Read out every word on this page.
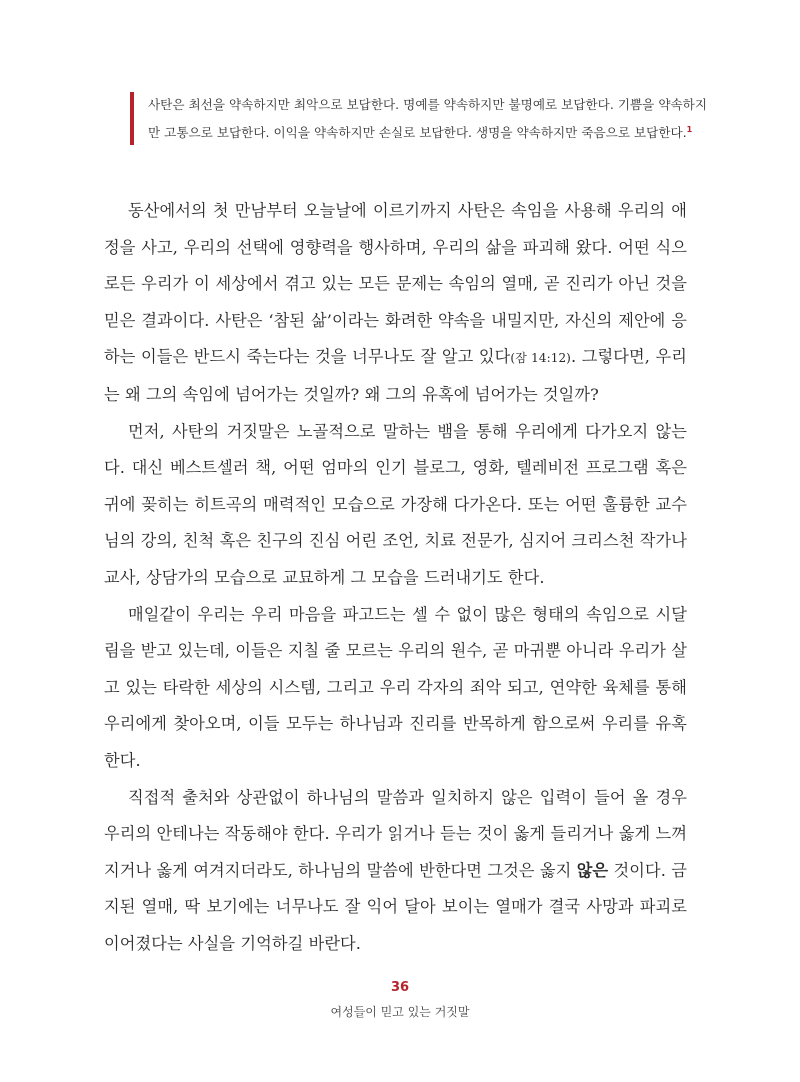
사탄은 최선을 약속하지만 최악으로 보답한다. 명예를 약속하지만 불명예로 보답한다. 기쁨을 약속하지만 고통으로 보답한다. 이익을 약속하지만 손실로 보답한다. 생명을 약속하지만 죽음으로 보답한다.$^1$

동산에서의 첫 만남부터 오늘날에 이르기까지 사탄은 속임을 사용해 우리의 애정을 사고, 우리의 선택에 영향력을 행사하며, 우리의 삶을 파괴해 왔다. 어떤 식으로든 우리가 이 세상에서 겪고 있는 모든 문제는 속임의 열매, 곧 진리가 아닌 것을 믿은 결과이다. 사탄은 ‘참된 삶’이라는 화려한 약속을 내밀지만, 자신의 제안에 응하는 이들은 반드시 죽는다는 것을 너무나도 잘 알고 있다(잠 14:12). 그렇다면, 우리는 왜 그의 속임에 넘어가는 것일까? 왜 그의 유혹에 넘어가는 것일까?

먼저, 사탄의 거짓말은 노골적으로 말하는 뱀을 통해 우리에게 다가오지 않는다. 대신 베스트셀러 책, 어떤 엄마의 인기 블로그, 영화, 텔레비전 프로그램 혹은 귀에 꽂히는 히트곡의 매력적인 모습으로 가장해 다가온다. 또는 어떤 훌륭한 교수님의 강의, 친척 혹은 친구의 진심 어린 조언, 치료 전문가, 심지어 크리스천 작가나 교사, 상담가의 모습으로 교묘하게 그 모습을 드러내기도 한다.

매일같이 우리는 우리 마음을 파고드는 셀 수 없이 많은 형태의 속임으로 시달림을 받고 있는데, 이들은 지칠 줄 모르는 우리의 원수, 곧 마귀뿐 아니라 우리가 살고 있는 타락한 세상의 시스템, 그리고 우리 각자의 죄악 되고, 연약한 육체를 통해 우리에게 찾아오며, 이들 모두는 하나님과 진리를 반목하게 함으로써 우리를 유혹한다.

직접적 출처와 상관없이 하나님의 말씀과 일치하지 않은 입력이 들어 올 경우 우리의 안테나는 작동해야 한다. 우리가 읽거나 듣는 것이 옳게 들리거나 옳게 느껴지거나 옳게 여겨지더라도, 하나님의 말씀에 반한다면 그것은 옳지 않은 것이다. 금지된 열매, 딱 보기에는 너무나도 잘 익어 달아 보이는 열매가 결국 사망과 파괴로 이어졌다는 사실을 기억하길 바란다.

36
여성들이 믿고 있는 거짓말
